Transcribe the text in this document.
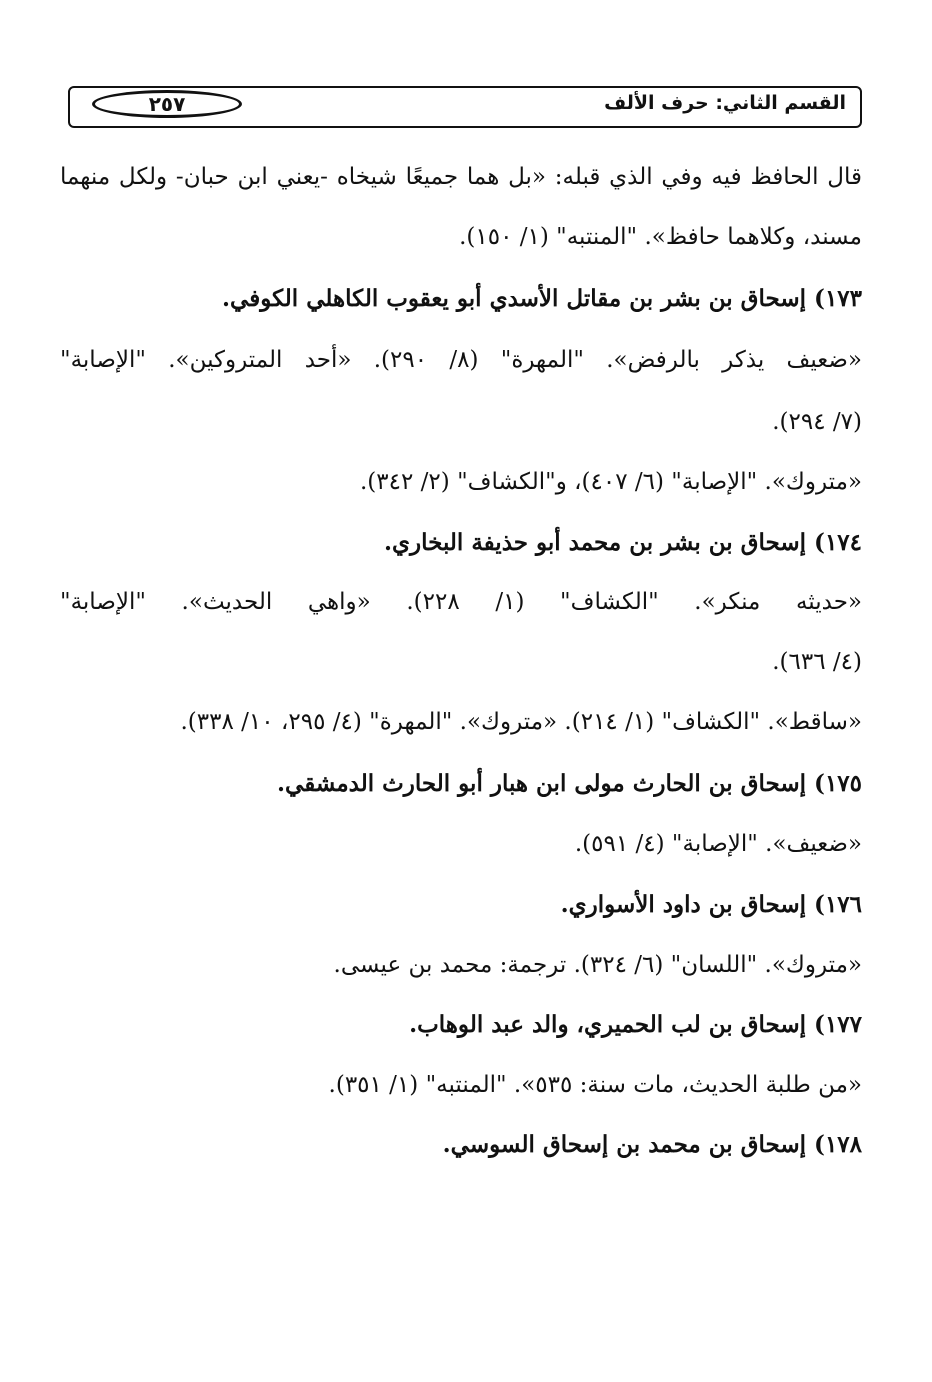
القسم الثاني: حرف الألف
٢٥٧
قال الحافظ فيه وفي الذي قبله: «بل هما جميعًا شيخاه -يعني ابن حبان- ولكل منهما
مسند، وكلاهما حافظ». "المنتبه" (١/ ١٥٠).
١٧٣) إسحاق بن بشر بن مقاتل الأسدي أبو يعقوب الكاهلي الكوفي.
«ضعيف يذكر بالرفض». "المهرة" (٨/ ٢٩٠). «أحد المتروكين». "الإصابة"
(٧/ ٢٩٤).
«متروك». "الإصابة" (٦/ ٤٠٧)، و"الكشاف" (٢/ ٣٤٢).
١٧٤) إسحاق بن بشر بن محمد أبو حذيفة البخاري.
«حديثه منكر». "الكشاف" (١/ ٢٢٨). «واهي الحديث». "الإصابة"
(٤/ ٦٣٦).
«ساقط». "الكشاف" (١/ ٢١٤). «متروك». "المهرة" (٤/ ٢٩٥، ١٠/ ٣٣٨).
١٧٥) إسحاق بن الحارث مولى ابن هبار أبو الحارث الدمشقي.
«ضعيف». "الإصابة" (٤/ ٥٩١).
١٧٦) إسحاق بن داود الأسواري.
«متروك». "اللسان" (٦/ ٣٢٤). ترجمة: محمد بن عيسى.
١٧٧) إسحاق بن لب الحميري، والد عبد الوهاب.
«من طلبة الحديث، مات سنة: ٥٣٥». "المنتبه" (١/ ٣٥١).
١٧٨) إسحاق بن محمد بن إسحاق السوسي.
